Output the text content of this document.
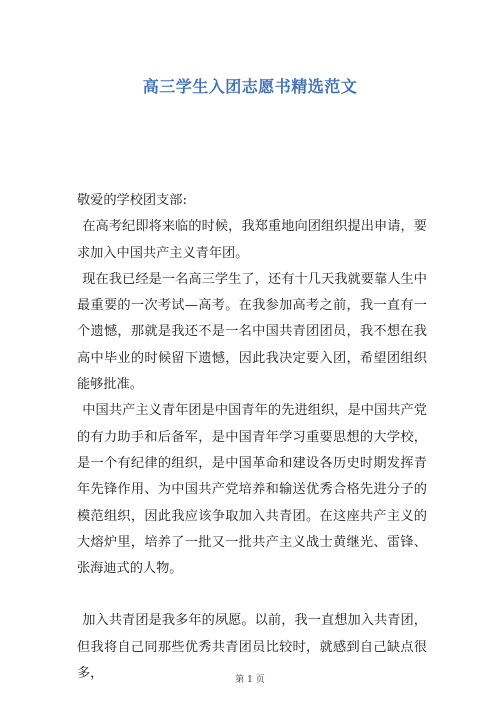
高三学生入团志愿书精选范文

敬爱的学校团支部:

在高考纪即将来临的时候，我郑重地向团组织提出申请，要求加入中国共产主义青年团。

现在我已经是一名高三学生了，还有十几天我就要靠人生中最重要的一次考试—高考。在我参加高考之前，我一直有一个遗憾，那就是我还不是一名中国共青团团员，我不想在我高中毕业的时候留下遗憾，因此我决定要入团，希望团组织能够批准。

中国共产主义青年团是中国青年的先进组织，是中国共产党的有力助手和后备军，是中国青年学习重要思想的大学校，是一个有纪律的组织，是中国革命和建设各历史时期发挥青年先锋作用、为中国共产党培养和输送优秀合格先进分子的模范组织，因此我应该争取加入共青团。在这座共产主义的大熔炉里，培养了一批又一批共产主义战士黄继光、雷锋、张海迪式的人物。

加入共青团是我多年的夙愿。以前，我一直想加入共青团，但我将自己同那些优秀共青团员比较时，就感到自己缺点很多，	第 1 页
